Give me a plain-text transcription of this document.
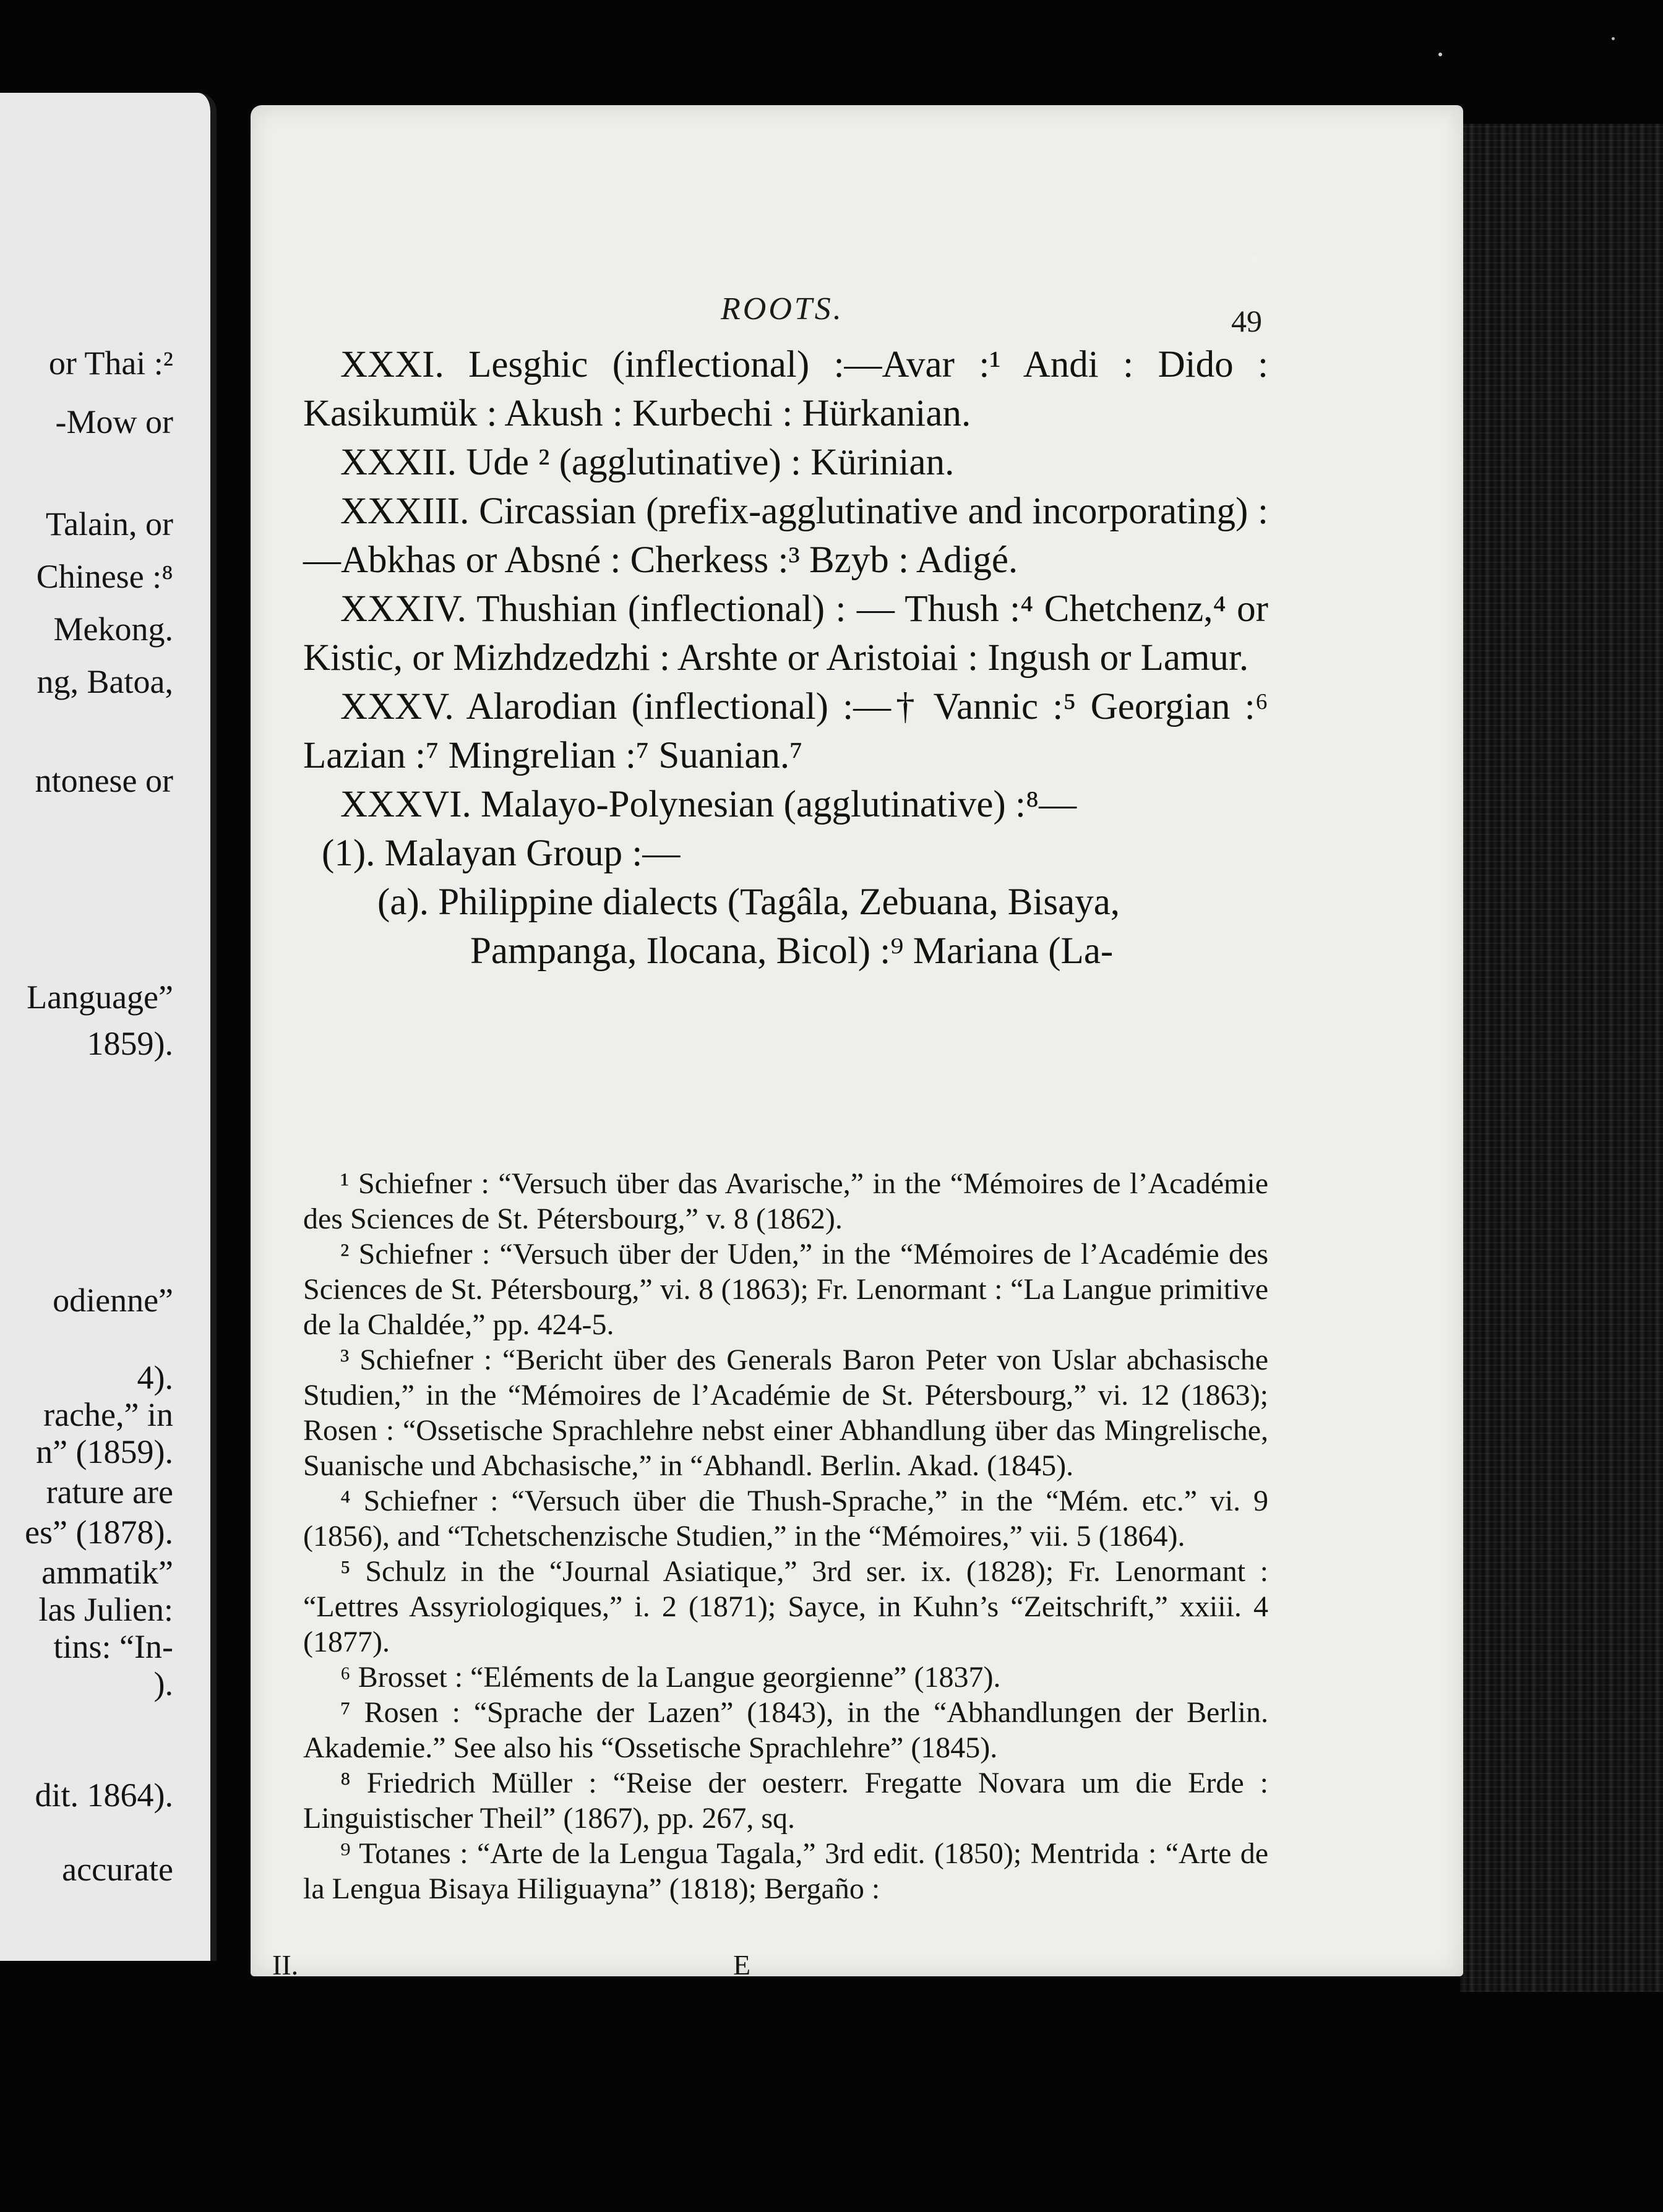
or Thai :²
-Mow or
Talain, or
Chinese :⁸
Mekong.
ng, Batoa,
ntonese or
Language”
1859).
odienne”
4).
rache,” in
n” (1859).
rature are
es” (1878).
ammatik”
las Julien:
tins: “In-
).
dit. 1864).
accurate
ROOTS.	49

XXXI. Lesghic (inflectional) :—Avar :¹ Andi : Dido : Kasikumük : Akush : Kurbechi : Hürkanian.

XXXII. Ude ² (agglutinative) : Kürinian.

XXXIII. Circassian (prefix-agglutinative and incorporating) :—Abkhas or Absné : Cherkess :³ Bzyb : Adigé.

XXXIV. Thushian (inflectional) : — Thush :⁴ Chetchenz,⁴ or Kistic, or Mizhdzedzhi : Arshte or Aristoiai : Ingush or Lamur.

XXXV. Alarodian (inflectional) :—† Vannic :⁵ Georgian :⁶ Lazian :⁷ Mingrelian :⁷ Suanian.⁷

XXXVI. Malayo-Polynesian (agglutinative) :⁸—

(1). Malayan Group :—

(a). Philippine dialects (Tagâla, Zebuana, Bisaya,

Pampanga, Ilocana, Bicol) :⁹ Mariana (La-

¹ Schiefner : “Versuch über das Avarische,” in the “Mémoires de l’Académie des Sciences de St. Pétersbourg,” v. 8 (1862).

² Schiefner : “Versuch über der Uden,” in the “Mémoires de l’Académie des Sciences de St. Pétersbourg,” vi. 8 (1863); Fr. Lenormant : “La Langue primitive de la Chaldée,” pp. 424-5.

³ Schiefner : “Bericht über des Generals Baron Peter von Uslar abchasische Studien,” in the “Mémoires de l’Académie de St. Pétersbourg,” vi. 12 (1863); Rosen : “Ossetische Sprachlehre nebst einer Abhandlung über das Mingrelische, Suanische und Abchasische,” in “Abhandl. Berlin. Akad. (1845).

⁴ Schiefner : “Versuch über die Thush-Sprache,” in the “Mém. etc.” vi. 9 (1856), and “Tchetschenzische Studien,” in the “Mémoires,” vii. 5 (1864).

⁵ Schulz in the “Journal Asiatique,” 3rd ser. ix. (1828); Fr. Lenormant : “Lettres Assyriologiques,” i. 2 (1871); Sayce, in Kuhn’s “Zeitschrift,” xxiii. 4 (1877).

⁶ Brosset : “Eléments de la Langue georgienne” (1837).

⁷ Rosen : “Sprache der Lazen” (1843), in the “Abhandlungen der Berlin. Akademie.” See also his “Ossetische Sprachlehre” (1845).

⁸ Friedrich Müller : “Reise der oesterr. Fregatte Novara um die Erde : Linguistischer Theil” (1867), pp. 267, sq.

⁹ Totanes : “Arte de la Lengua Tagala,” 3rd edit. (1850); Mentrida : “Arte de la Lengua Bisaya Hiliguayna” (1818); Bergaño :

II.	E
